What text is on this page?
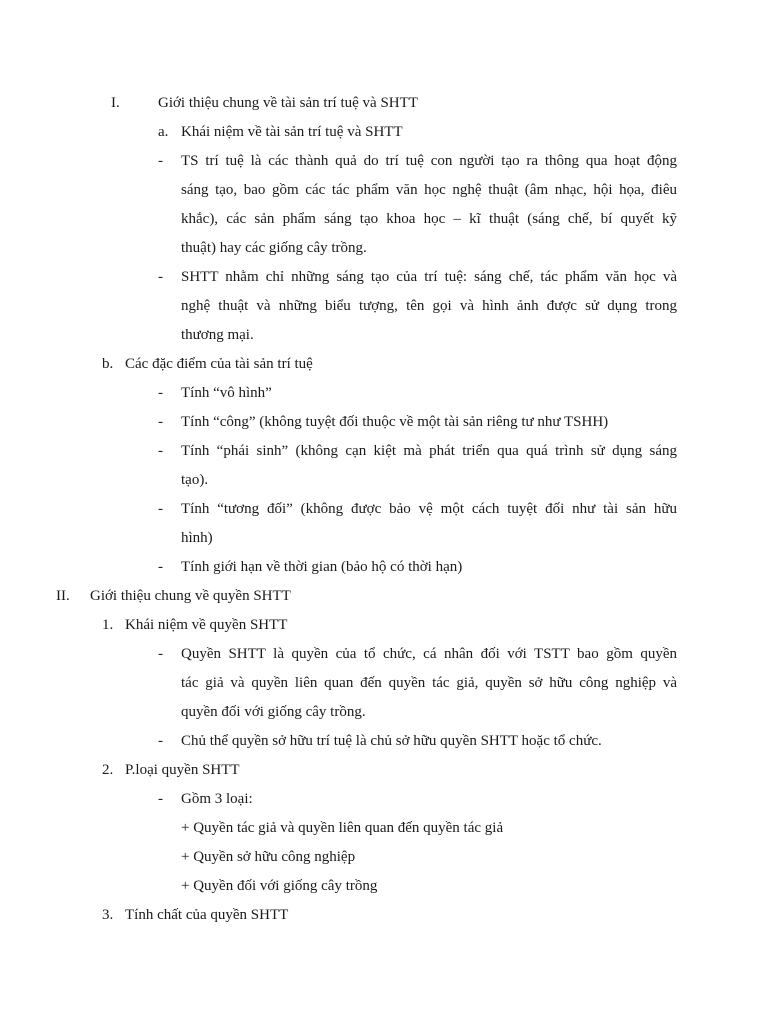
I.	Giới thiệu chung về tài sản trí tuệ và SHTT
a. Khái niệm về tài sản trí tuệ và SHTT
- TS trí tuệ là các thành quả do trí tuệ con người tạo ra thông qua hoạt động
sáng tạo, bao gồm các tác phẩm văn học nghệ thuật (âm nhạc, hội họa, điêu
khắc), các sản phẩm sáng tạo khoa học – kĩ thuật (sáng chế, bí quyết kỹ
thuật) hay các giống cây trồng.
- SHTT nhằm chỉ những sáng tạo của trí tuệ: sáng chế, tác phẩm văn học và
nghệ thuật và những biểu tượng, tên gọi và hình ảnh được sử dụng trong
thương mại.
b. Các đặc điểm của tài sản trí tuệ
- Tính “vô hình”
- Tính “công” (không tuyệt đối thuộc về một tài sản riêng tư như TSHH)
- Tính “phái sinh” (không cạn kiệt mà phát triển qua quá trình sử dụng sáng
tạo).
- Tính “tương đối” (không được bảo vệ một cách tuyệt đối như tài sản hữu
hình)
- Tính giới hạn về thời gian (bảo hộ có thời hạn)
II. Giới thiệu chung về quyền SHTT
1. Khái niệm về quyền SHTT
- Quyền SHTT là quyền của tổ chức, cá nhân đối với TSTT bao gồm quyền
tác giả và quyền liên quan đến quyền tác giả, quyền sở hữu công nghiệp và
quyền đối với giống cây trồng.
- Chủ thể quyền sở hữu trí tuệ là chủ sở hữu quyền SHTT hoặc tổ chức.
2. P.loại quyền SHTT
- Gồm 3 loại:
+ Quyền tác giả và quyền liên quan đến quyền tác giả
+ Quyền sở hữu công nghiệp
+ Quyền đối với giống cây trồng
3. Tính chất của quyền SHTT
